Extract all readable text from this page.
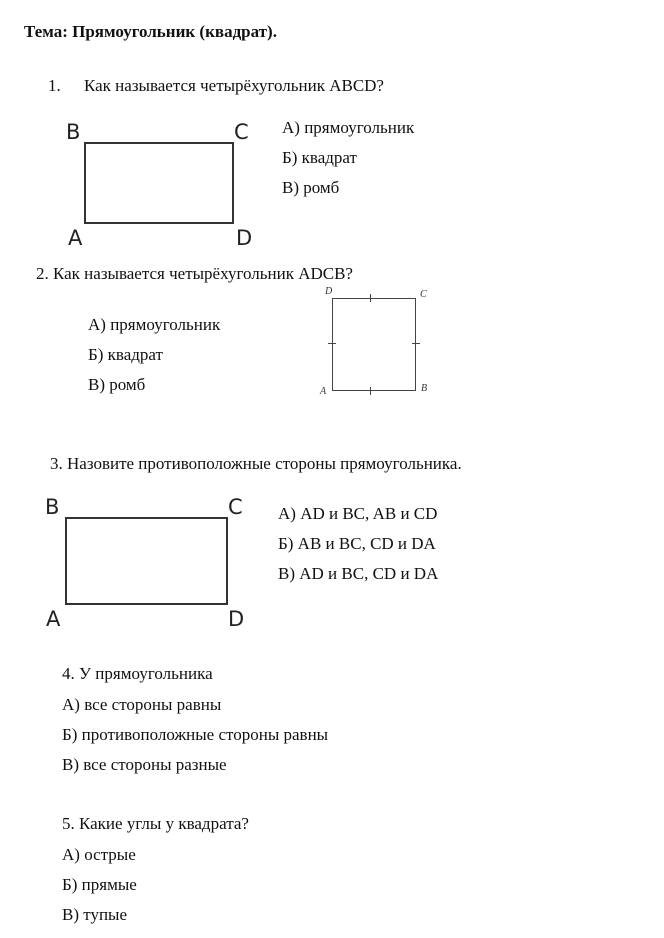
Тема: Прямоугольник (квадрат).
1. Как называется четырёхугольник ABCD?
B	C
A	D
А) прямоугольник
Б) квадрат
В) ромб
2. Как называется четырёхугольник ADCB?
А) прямоугольник
Б) квадрат
В) ромб
D	C
A	B
3. Назовите противоположные стороны прямоугольника.
B	C
A	D
А) AD и BC, AB и CD
Б) AB и BC, CD и DA
В) AD и BC, CD и DA
4. У прямоугольника
А) все стороны равны
Б) противоположные стороны равны
В) все стороны разные
5. Какие углы у квадрата?
А) острые
Б) прямые
В) тупые
